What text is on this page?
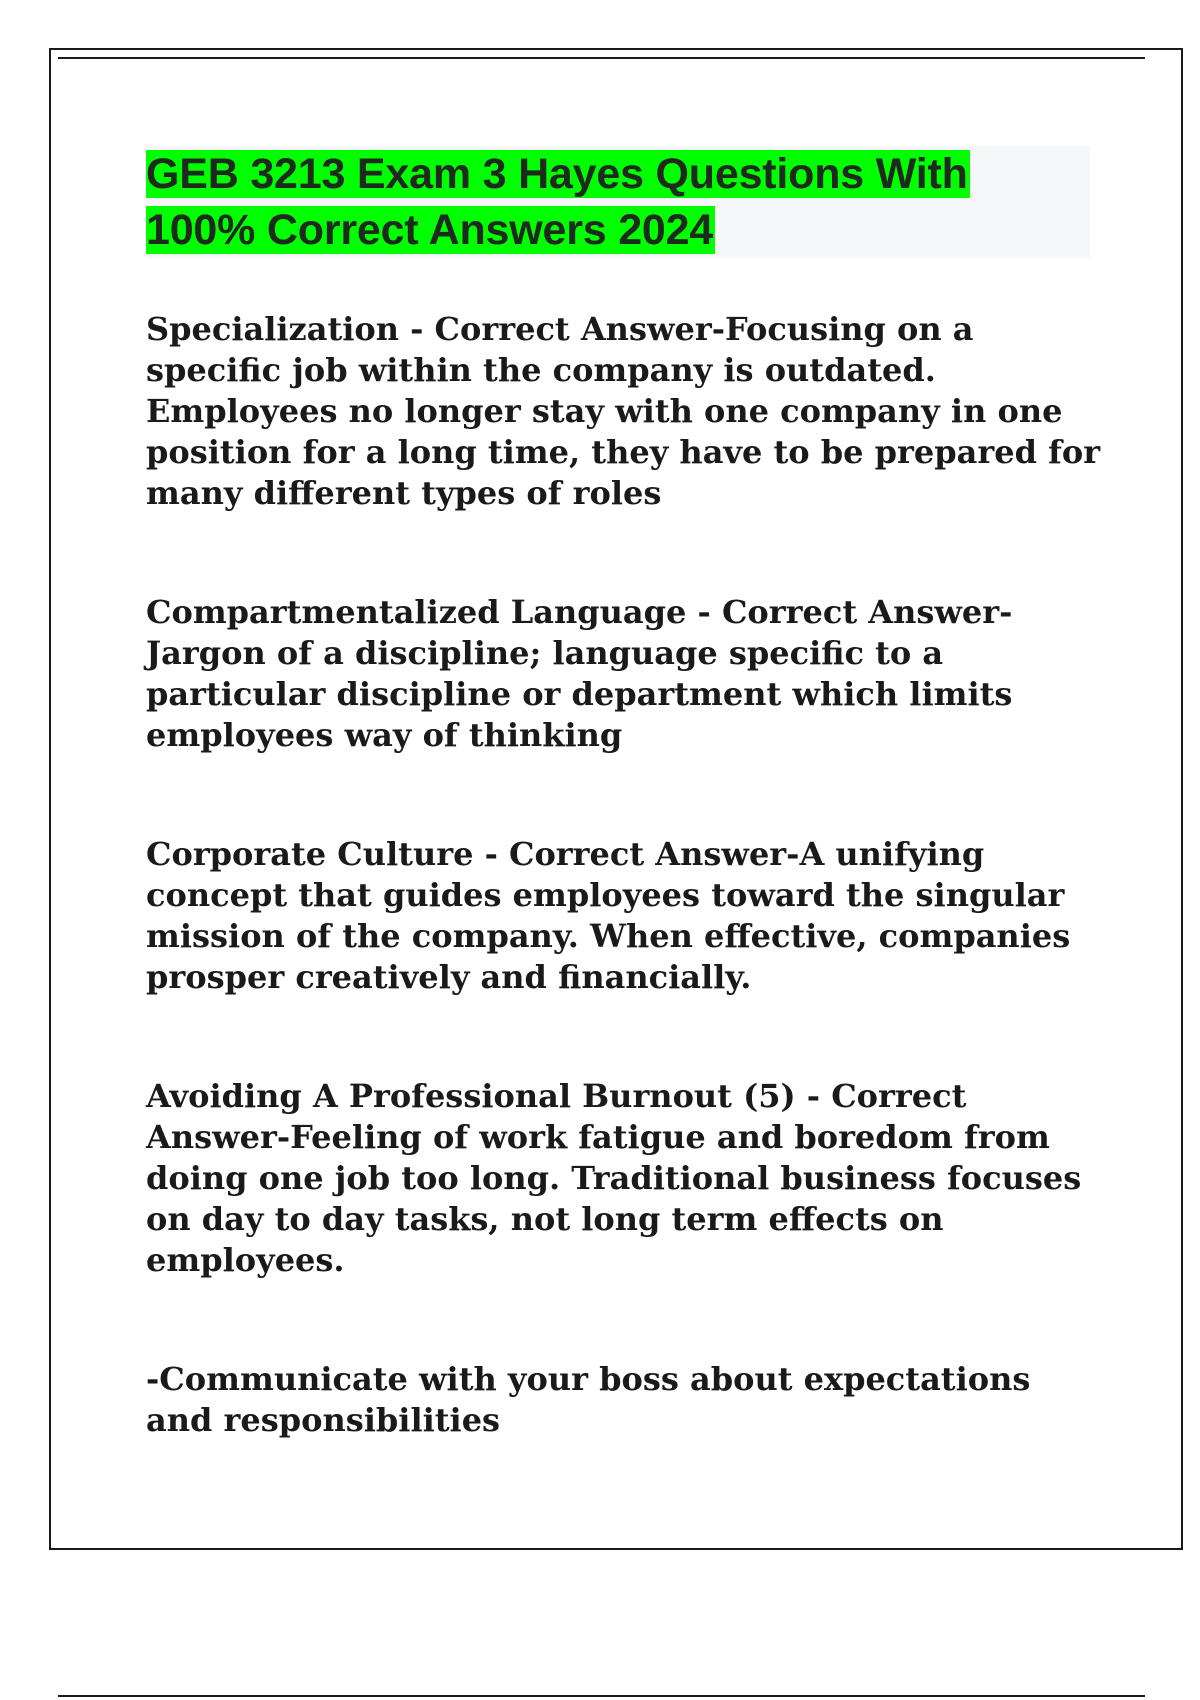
GEB 3213 Exam 3 Hayes Questions With
100% Correct Answers 2024

Specialization - Correct Answer-Focusing on a specific job within the company is outdated. Employees no longer stay with one company in one position for a long time, they have to be prepared for many different types of roles

Compartmentalized Language - Correct Answer-Jargon of a discipline; language specific to a particular discipline or department which limits employees way of thinking

Corporate Culture - Correct Answer-A unifying concept that guides employees toward the singular mission of the company. When effective, companies prosper creatively and financially.

Avoiding A Professional Burnout (5) - Correct Answer-Feeling of work fatigue and boredom from doing one job too long. Traditional business focuses on day to day tasks, not long term effects on employees.

-Communicate with your boss about expectations and responsibilities
